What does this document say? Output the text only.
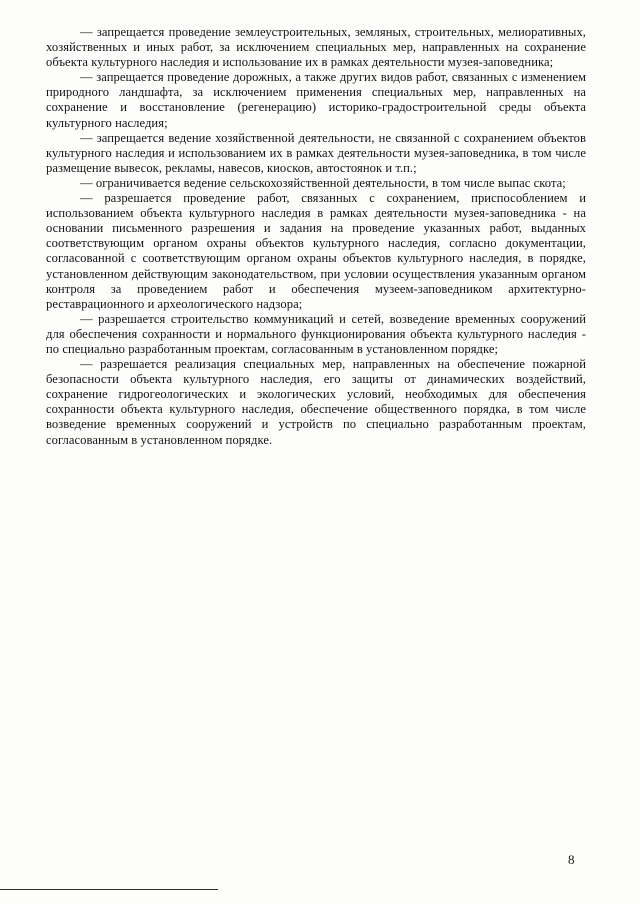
— запрещается проведение землеустроительных, земляных, строительных, мелиоративных, хозяйственных и иных работ, за исключением специальных мер, направленных на сохранение объекта культурного наследия и использование их в рамках деятельности музея-заповедника;

— запрещается проведение дорожных, а также других видов работ, связанных с изменением природного ландшафта, за исключением применения специальных мер, направленных на сохранение и восстановление (регенерацию) историко-градостроительной среды объекта культурного наследия;

— запрещается ведение хозяйственной деятельности, не связанной с сохранением объектов культурного наследия и использованием их в рамках деятельности музея-заповедника, в том числе размещение вывесок, рекламы, навесов, киосков, автостоянок и т.п.;

— ограничивается ведение сельскохозяйственной деятельности, в том числе выпас скота;

— разрешается проведение работ, связанных с сохранением, приспособлением и использованием объекта культурного наследия в рамках деятельности музея-заповедника - на основании письменного разрешения и задания на проведение указанных работ, выданных соответствующим органом охраны объектов культурного наследия, согласно документации, согласованной с соответствующим органом охраны объектов культурного наследия, в порядке, установленном действующим законодательством, при условии осуществления указанным органом контроля за проведением работ и обеспечения музеем-заповедником архитектурно-реставрационного и археологического надзора;

— разрешается строительство коммуникаций и сетей, возведение временных сооружений для обеспечения сохранности и нормального функционирования объекта культурного наследия - по специально разработанным проектам, согласованным в установленном порядке;

— разрешается реализация специальных мер, направленных на обеспечение пожарной безопасности объекта культурного наследия, его защиты от динамических воздействий, сохранение гидрогеологических и экологических условий, необходимых для обеспечения сохранности объекта культурного наследия, обеспечение общественного порядка, в том числе возведение временных сооружений и устройств по специально разработанным проектам, согласованным в установленном порядке.

8
